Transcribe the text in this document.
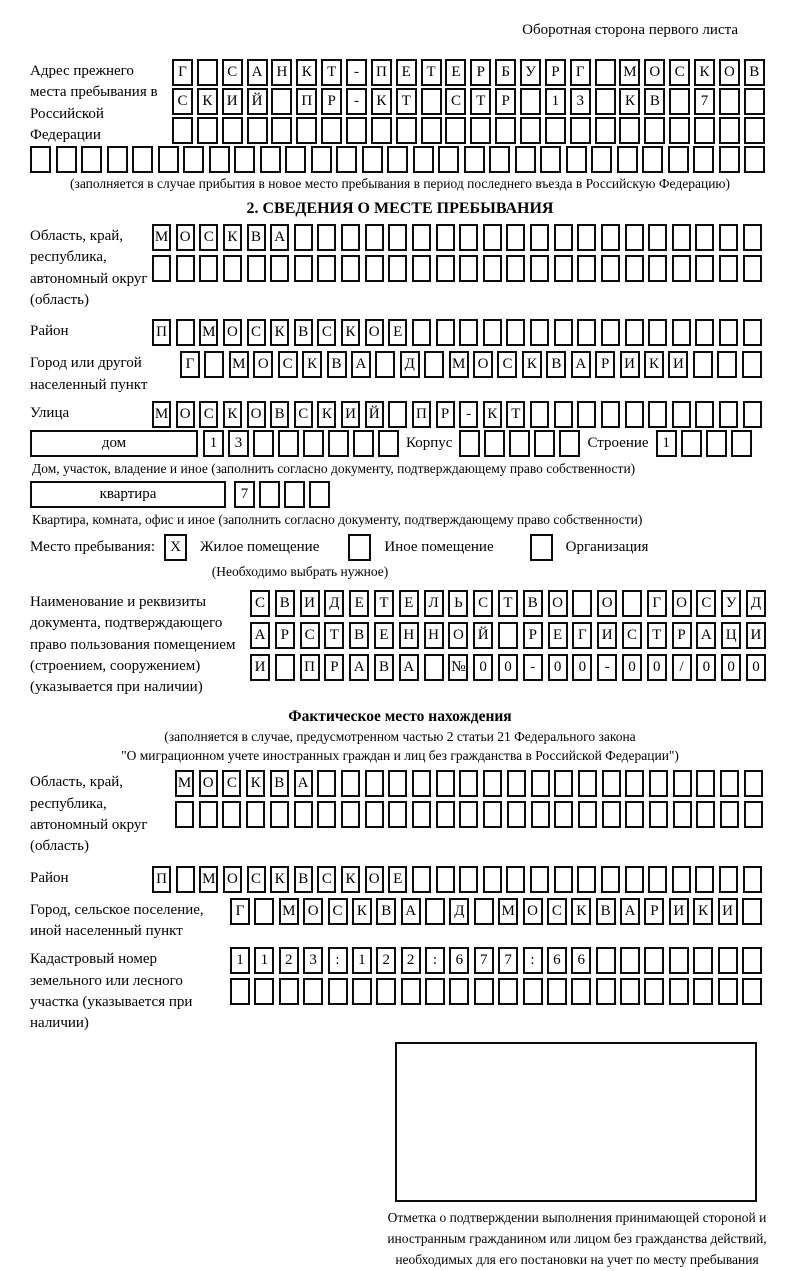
Оборотная сторона первого листа
Адрес прежнего места пребывания в Российской Федерации
Г	С А Н К	Т	-	П Е	Т	Е	Р	Б	У	Р	Г	М О С К О В
С К И Й	П	Р	-	К	Т	С	Т	Р	1	3	К В	7
(заполняется в случае прибытия в новое место пребывания в период последнего въезда в Российскую Федерацию)
2. СВЕДЕНИЯ О МЕСТЕ ПРЕБЫВАНИЯ
Область, край, республика, автономный округ (область)
М О С К В А
Район	П М О С К В С К О Е
Город или другой населенный пункт
Г	М О С К В А	Д	М О С К В А Р И К И
Улица	М О С К О В С К И Й П Р	-	К Т
дом	1	3	Корпус	Строение 1
Дом, участок, владение и иное (заполнить согласно документу, подтверждающему право собственности)
квартира	7
Квартира, комната, офис и иное (заполнить согласно документу, подтверждающему право собственности)
Место пребывания:	X	Жилое помещение	Иное помещение	Организация
(Необходимо выбрать нужное)
Наименование и реквизиты документа, подтверждающего право пользования помещением (строением, сооружением) (указывается при наличии)
С В И Д	Е	Т	Е	Л	Ь	С	Т	В О	О	Г	О С У Д
А	Р	С	Т	В	Е Н Н О Й	Р	Е	Г	И С	Т	Р	А Ц И
И	П	Р	А В А	№ 0	0	-	0	0	-	0	0	/	0	0	0
Фактическое место нахождения
(заполняется в случае, предусмотренном частью 2 статьи 21 Федерального закона
"О миграционном учете иностранных граждан и лиц без гражданства в Российской Федерации")
Область, край, республика, автономный округ (область)
М О С К В А
Район	П М О С К В С К О Е
Город, сельское поселение, иной населенный пункт
Г	М О С К В А	Д	М О С К В А Р И К И
Кадастровый номер земельного или лесного участка (указывается при наличии)
1	1	2	3	:	1	2	2	:	6	7	7	:	6	6
Отметка о подтверждении выполнения принимающей стороной и иностранным гражданином или лицом без гражданства действий, необходимых для его постановки на учет по месту пребывания
